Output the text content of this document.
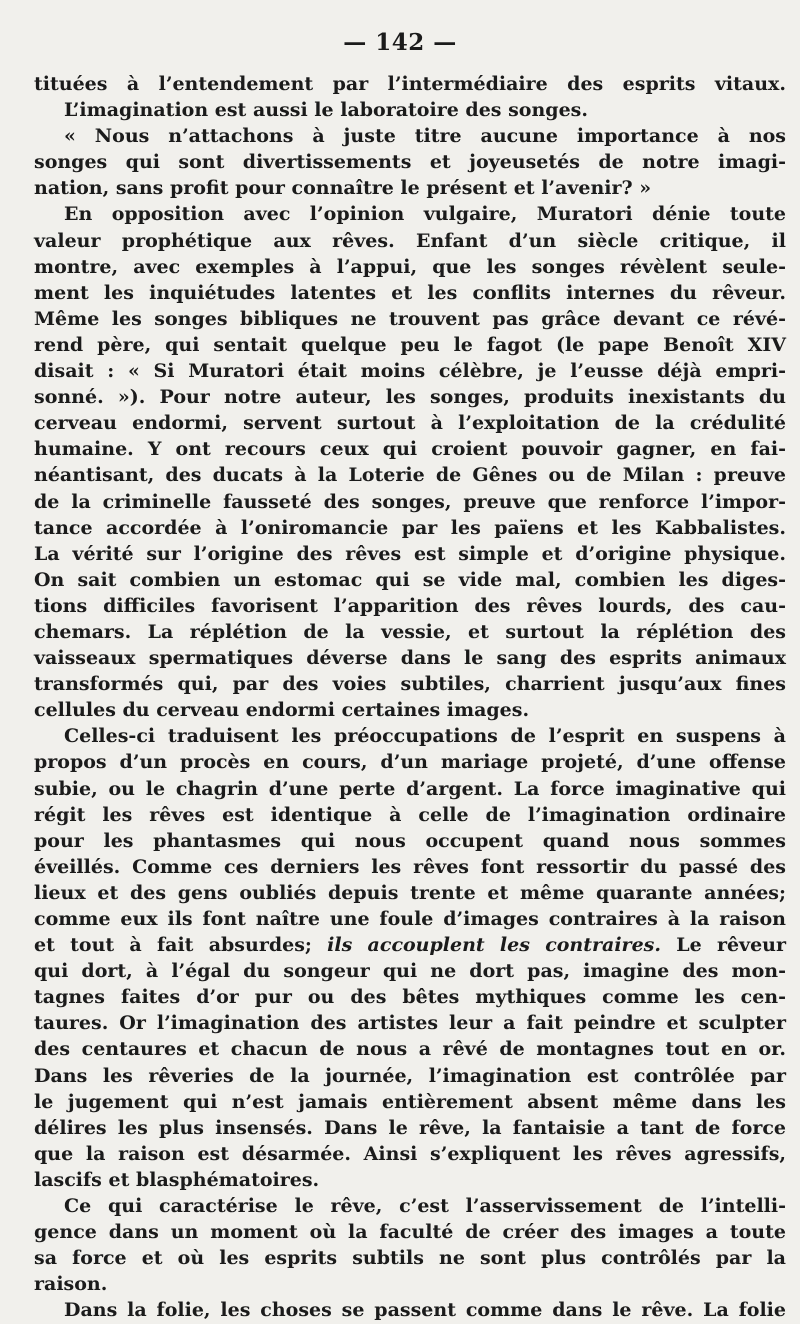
— 142 —
tituées à l’entendement par l’intermédiaire des esprits vitaux.
L’imagination est aussi le laboratoire des songes.
« Nous n’attachons à juste titre aucune importance à nos
songes qui sont divertissements et joyeusetés de notre imagi-
nation, sans profit pour connaître le présent et l’avenir? »
En opposition avec l’opinion vulgaire, Muratori dénie toute
valeur prophétique aux rêves. Enfant d’un siècle critique, il
montre, avec exemples à l’appui, que les songes révèlent seule-
ment les inquiétudes latentes et les conflits internes du rêveur.
Même les songes bibliques ne trouvent pas grâce devant ce révé-
rend père, qui sentait quelque peu le fagot (le pape Benoît XIV
disait : « Si Muratori était moins célèbre, je l’eusse déjà empri-
sonné. »). Pour notre auteur, les songes, produits inexistants du
cerveau endormi, servent surtout à l’exploitation de la crédulité
humaine. Y ont recours ceux qui croient pouvoir gagner, en fai-
néantisant, des ducats à la Loterie de Gênes ou de Milan : preuve
de la criminelle fausseté des songes, preuve que renforce l’impor-
tance accordée à l’oniromancie par les païens et les Kabbalistes.
La vérité sur l’origine des rêves est simple et d’origine physique.
On sait combien un estomac qui se vide mal, combien les diges-
tions difficiles favorisent l’apparition des rêves lourds, des cau-
chemars. La réplétion de la vessie, et surtout la réplétion des
vaisseaux spermatiques déverse dans le sang des esprits animaux
transformés qui, par des voies subtiles, charrient jusqu’aux fines
cellules du cerveau endormi certaines images.
Celles-ci traduisent les préoccupations de l’esprit en suspens à
propos d’un procès en cours, d’un mariage projeté, d’une offense
subie, ou le chagrin d’une perte d’argent. La force imaginative qui
régit les rêves est identique à celle de l’imagination ordinaire
pour les phantasmes qui nous occupent quand nous sommes
éveillés. Comme ces derniers les rêves font ressortir du passé des
lieux et des gens oubliés depuis trente et même quarante années;
comme eux ils font naître une foule d’images contraires à la raison
et tout à fait absurdes; ils accouplent les contraires. Le rêveur
qui dort, à l’égal du songeur qui ne dort pas, imagine des mon-
tagnes faites d’or pur ou des bêtes mythiques comme les cen-
taures. Or l’imagination des artistes leur a fait peindre et sculpter
des centaures et chacun de nous a rêvé de montagnes tout en or.
Dans les rêveries de la journée, l’imagination est contrôlée par
le jugement qui n’est jamais entièrement absent même dans les
délires les plus insensés. Dans le rêve, la fantaisie a tant de force
que la raison est désarmée. Ainsi s’expliquent les rêves agressifs,
lascifs et blasphématoires.
Ce qui caractérise le rêve, c’est l’asservissement de l’intelli-
gence dans un moment où la faculté de créer des images a toute
sa force et où les esprits subtils ne sont plus contrôlés par la
raison.
Dans la folie, les choses se passent comme dans le rêve. La folie
